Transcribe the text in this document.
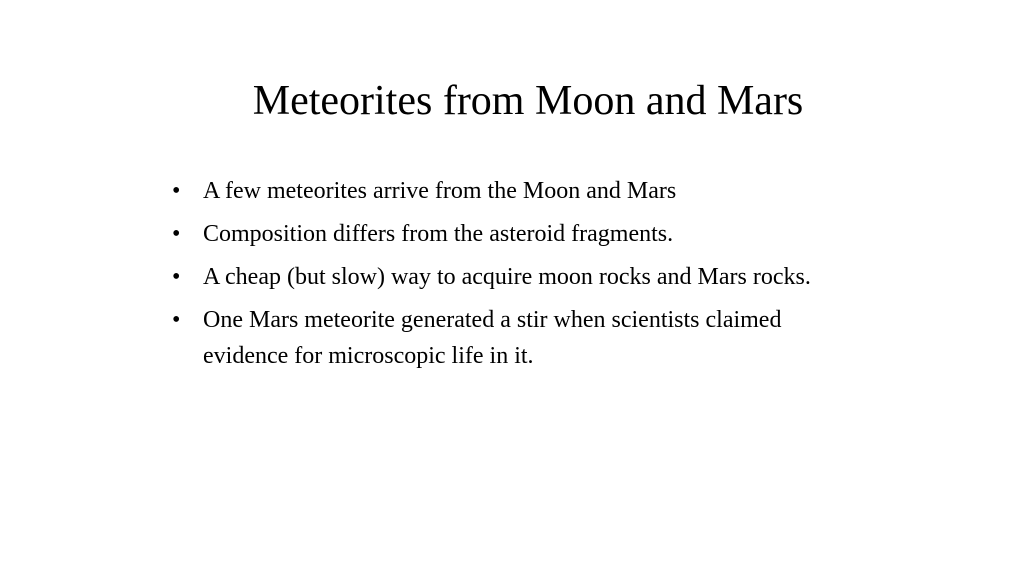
Meteorites from Moon and Mars
• A few meteorites arrive from the Moon and Mars
• Composition differs from the asteroid fragments.
• A cheap (but slow) way to acquire moon rocks and Mars rocks.
• One Mars meteorite generated a stir when scientists claimed evidence for microscopic life in it.
